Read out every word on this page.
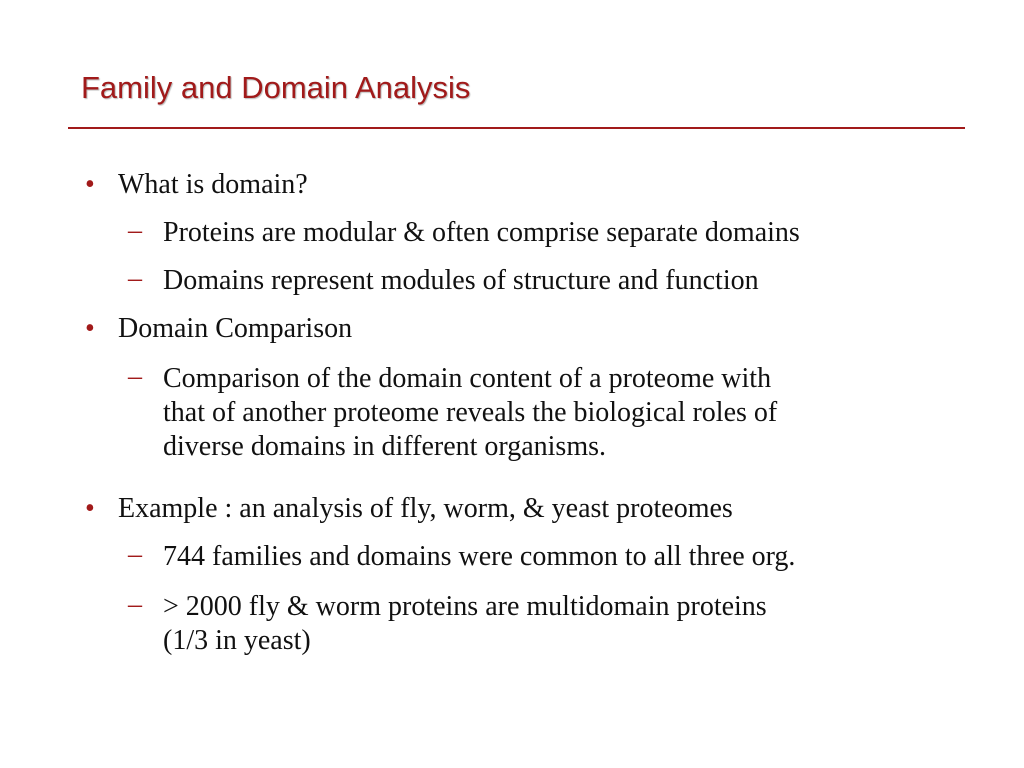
Family and Domain Analysis
• What is domain?
– Proteins are modular & often comprise separate domains
– Domains represent modules of structure and function
• Domain Comparison
– Comparison of the domain content of a proteome with
that of another proteome reveals the biological roles of
diverse domains in different organisms.
• Example : an analysis of fly, worm, & yeast proteomes
– 744 families and domains were common to all three org.
– > 2000 fly & worm proteins are multidomain proteins
(1/3 in yeast)
